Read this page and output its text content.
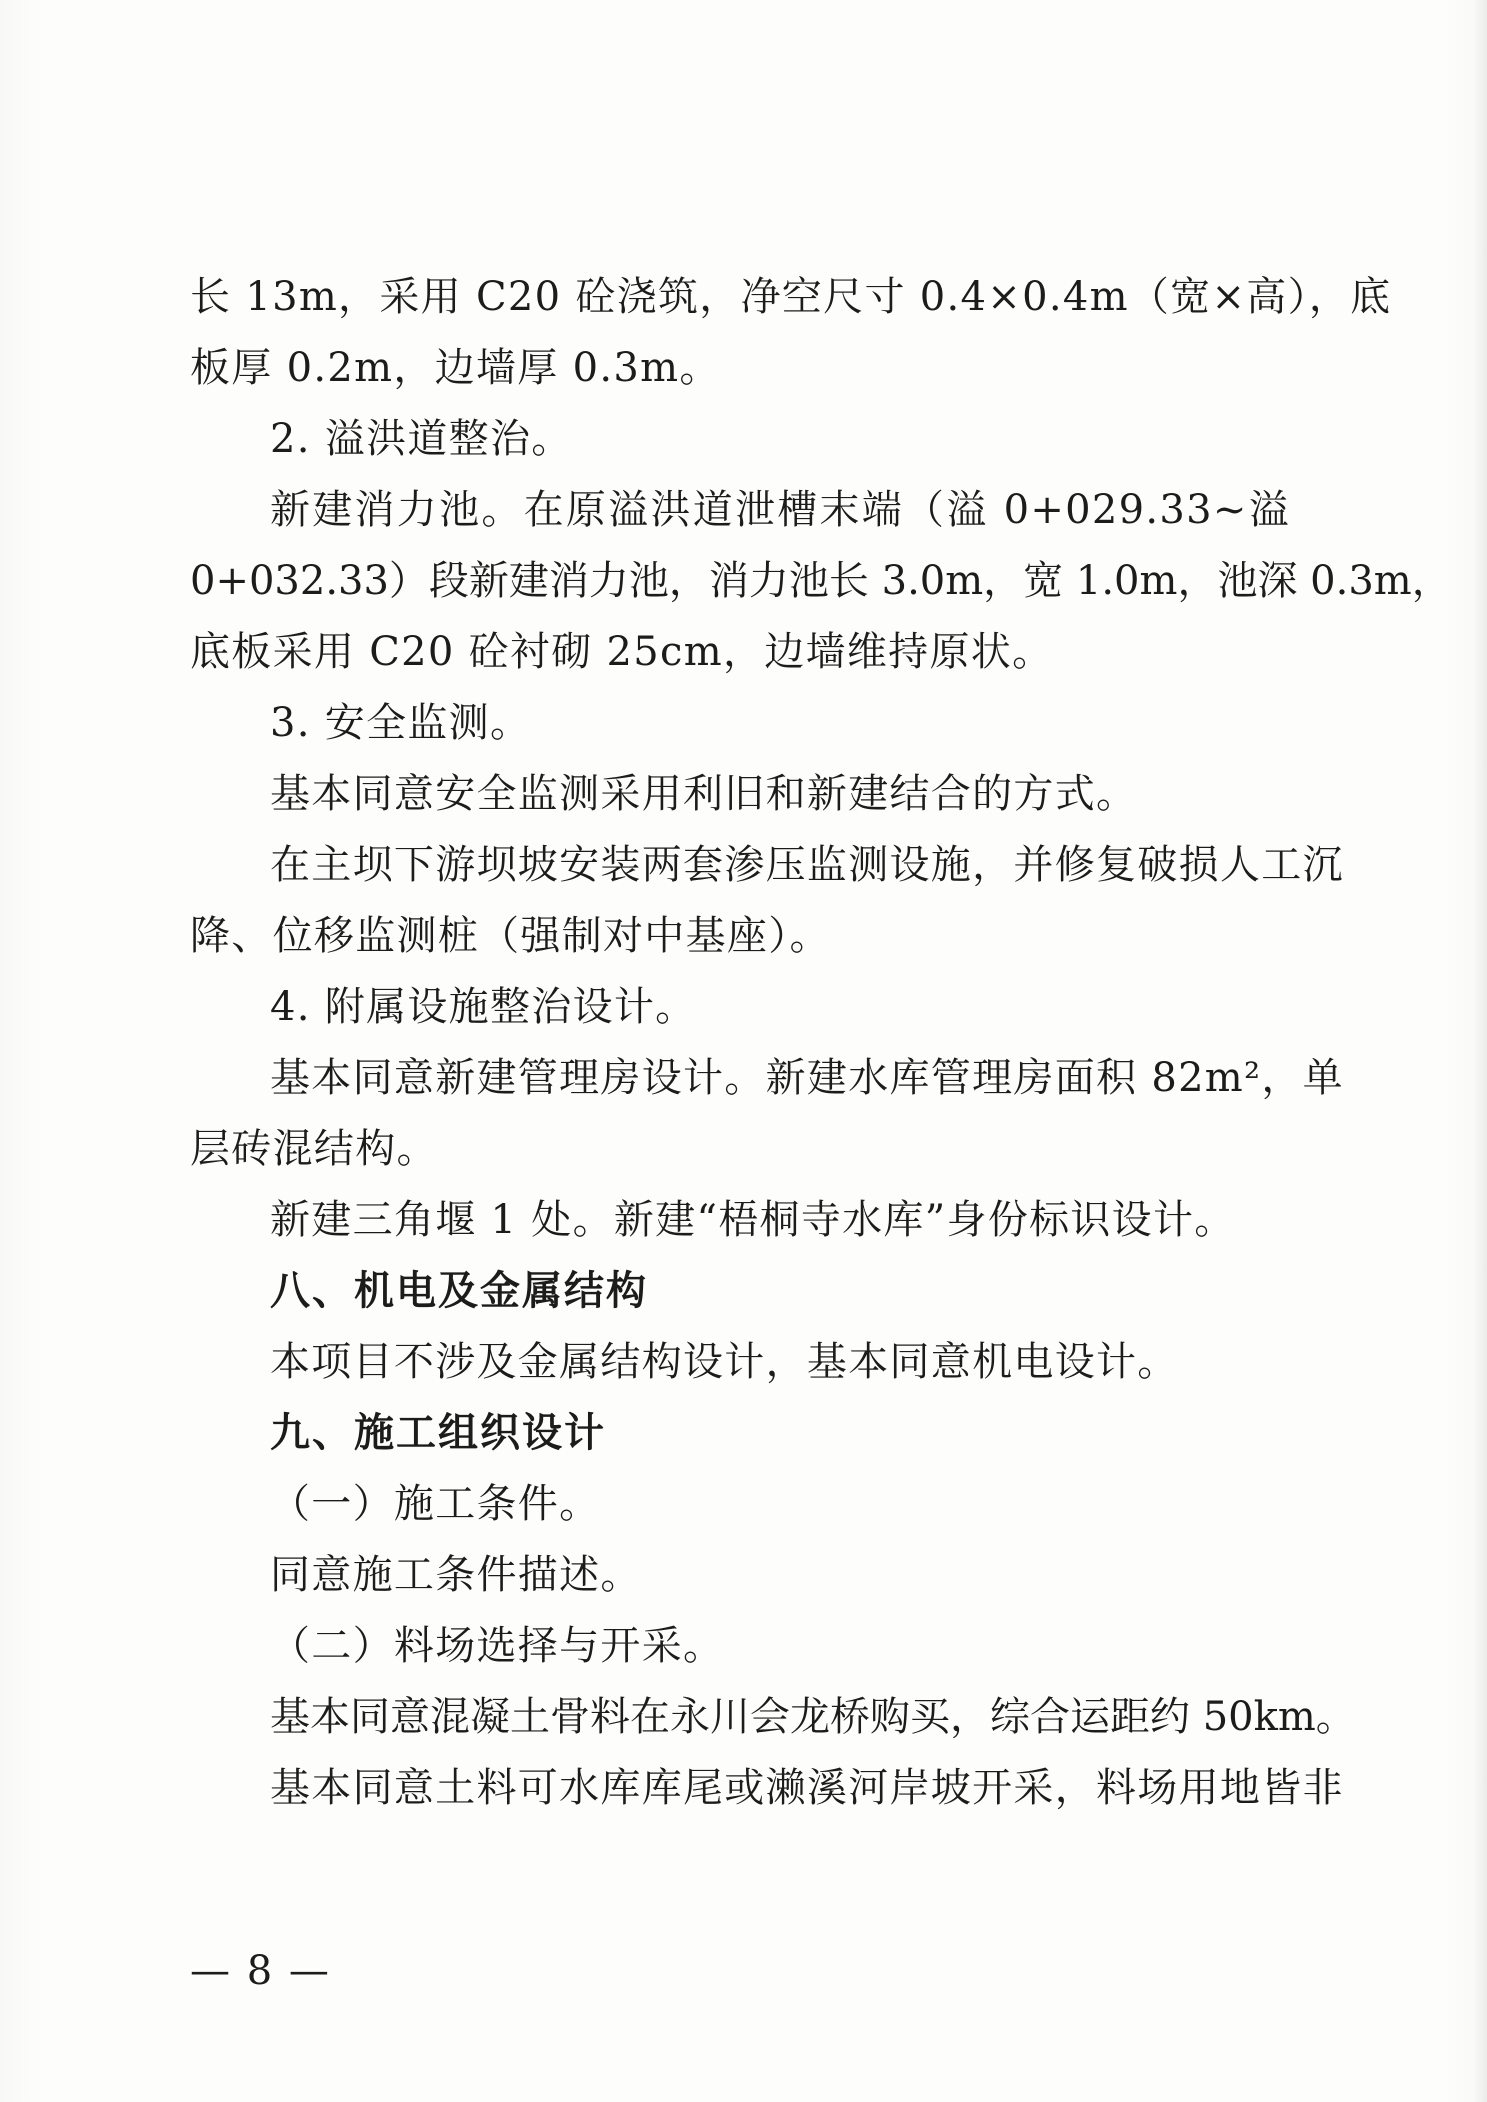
长 13m，采用 C20 砼浇筑，净空尺寸 0.4×0.4m（宽×高），底
板厚 0.2m，边墙厚 0.3m。
2. 溢洪道整治。
新建消力池。在原溢洪道泄槽末端（溢 0+029.33~溢
0+032.33）段新建消力池，消力池长 3.0m，宽 1.0m，池深 0.3m，
底板采用 C20 砼衬砌 25cm，边墙维持原状。
3. 安全监测。
基本同意安全监测采用利旧和新建结合的方式。
在主坝下游坝坡安装两套渗压监测设施，并修复破损人工沉
降、位移监测桩（强制对中基座）。
4. 附属设施整治设计。
基本同意新建管理房设计。新建水库管理房面积 82m²，单
层砖混结构。
新建三角堰 1 处。新建“梧桐寺水库”身份标识设计。
八、机电及金属结构
本项目不涉及金属结构设计，基本同意机电设计。
九、施工组织设计
（一）施工条件。
同意施工条件描述。
（二）料场选择与开采。
基本同意混凝土骨料在永川会龙桥购买，综合运距约 50km。
基本同意土料可水库库尾或濑溪河岸坡开采，料场用地皆非
— 8 —
